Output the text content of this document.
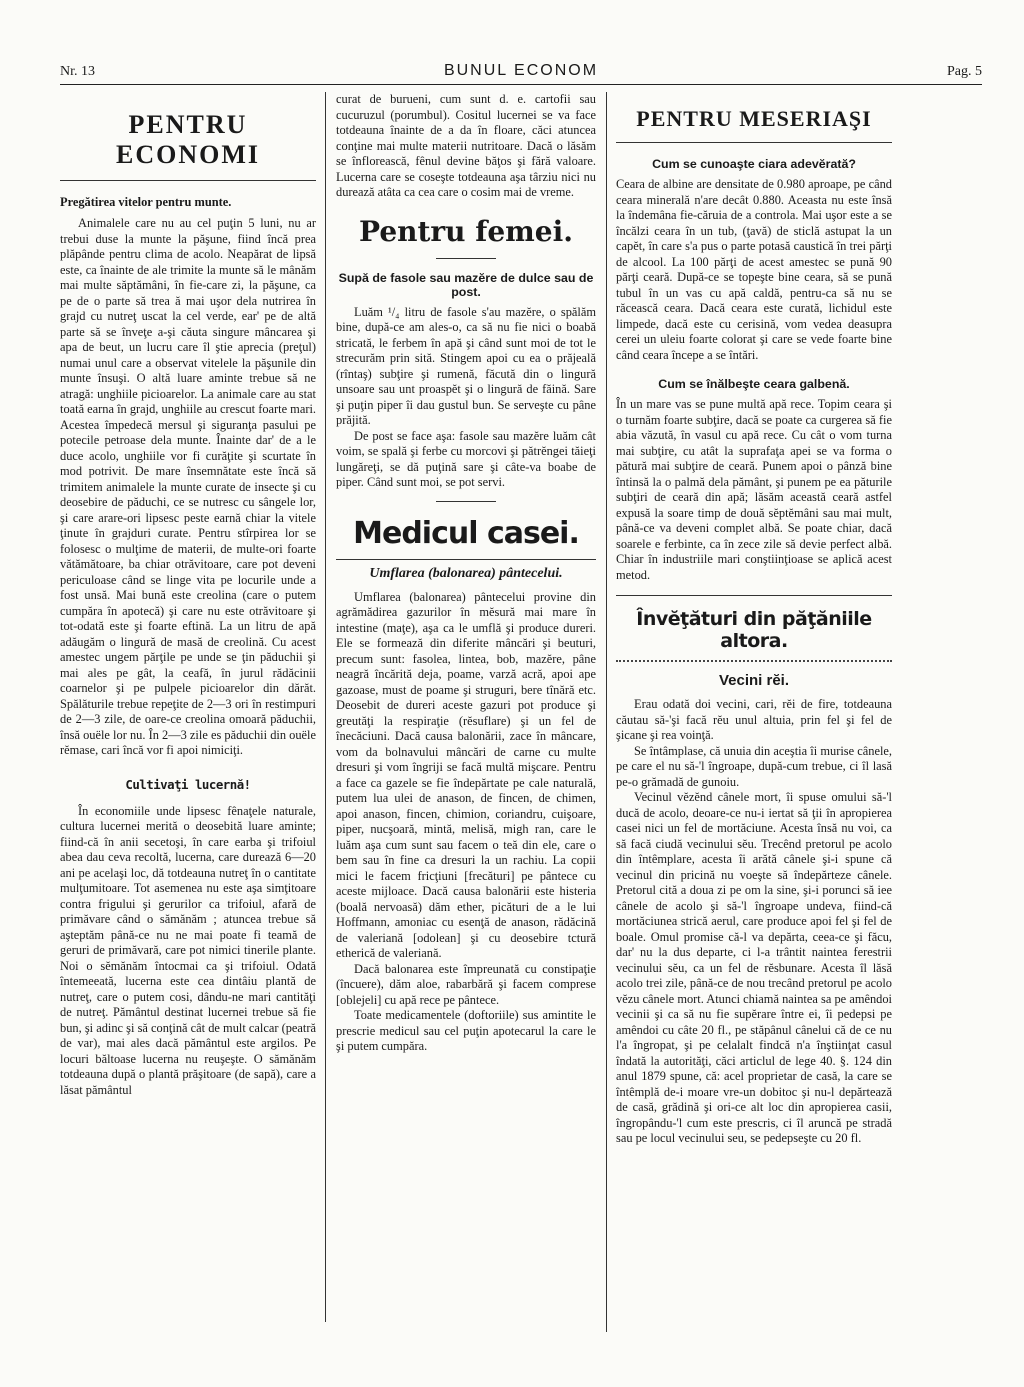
Nr. 13	BUNUL ECONOM	Pag. 5
PENTRU ECONOMI
Pregătirea vitelor pentru munte.

Animalele care nu au cel puţin 5 luni, nu ar trebui duse la munte la păşune, fiind încă prea plăpânde pentru clima de acolo. Neapărat de lipsă este, ca înainte de ale trimite la munte să le mânăm mai multe săptămâni, în fie-care zi, la păşune, ca pe de o parte să trea ă mai uşor dela nutrirea în grajd cu nutreţ uscat la cel verde, ear' pe de altă parte să se înveţe a-şi căuta singure mâncarea şi apa de beut, un lucru care îl ştie aprecia (preţul) numai unul care a observat vitelele la păşunile din munte însuşi. O altă luare aminte trebue să ne atragă: unghiile picioarelor. La animale care au stat toată earna în grajd, unghiile au crescut foarte mari. Acestea împedecă mersul şi siguranţa pasului pe potecile petroase dela munte. Înainte dar' de a le duce acolo, unghiile vor fi curăţite şi scurtate în mod potrivit. De mare însemnătate este încă să trimitem animalele la munte curate de insecte şi cu deosebire de păduchi, ce se nutresc cu sângele lor, şi care arare-ori lipsesc peste earnă chiar la vitele ţinute în grajduri curate. Pentru stîrpirea lor se folosesc o mulţime de materii, de multe-ori foarte vătămătoare, ba chiar otrăvitoare, care pot deveni periculoase când se linge vita pe locurile unde a fost unsă. Mai bună este creolina (care o putem cumpăra în apotecă) şi care nu este otrăvitoare şi tot-odată este şi foarte eftină. La un litru de apă adăugăm o lingură de masă de creolină. Cu acest amestec ungem părţile pe unde se ţin păduchii şi mai ales pe gât, la ceafă, în jurul rădăcinii coarnelor şi pe pulpele picioarelor din dărăt. Spălăturile trebue repeţite de 2—3 ori în restimpuri de 2—3 zile, de oare-ce creolina omoară păduchii, însă ouële lor nu. În 2—3 zile es păduchii din ouële rĕmase, cari încă vor fi apoi nimiciţi.

Cultivaţi lucernă!

În economiile unde lipsesc fênaţele naturale, cultura lucernei merită o deosebită luare aminte; fiind-că în anii secetoşi, în care earba şi trifoiul abea dau ceva recoltă, lucerna, care durează 6—20 ani pe acelaşi loc, dă totdeauna nutreţ în o cantitate mulţumitoare. Tot asemenea nu este aşa simţitoare contra frigului şi gerurilor ca trifoiul, afară de primăvare când o sămănăm ; atuncea trebue să aşteptăm până-ce nu ne mai poate fi teamă de geruri de primăvară, care pot nimici tinerile plante. Noi o sĕmănăm întocmai ca şi trifoiul. Odată întemeeată, lucerna este cea dintâiu plantă de nutreţ, care o putem cosi, dându-ne mari cantităţi de nutreţ. Pământul destinat lucernei trebue să fie bun, şi adinc şi să conţină cât de mult calcar (peatră de var), mai ales dacă pământul este argilos. Pe locuri băltoase lucerna nu reuşeşte. O sămănăm totdeauna după o plantă prăşitoare (de sapă), care a lăsat pământul

curat de burueni, cum sunt d. e. cartofii sau cucuruzul (porumbul). Cositul lucernei se va face totdeauna înainte de a da în floare, căci atuncea conţine mai multe materii nutritoare. Dacă o lăsăm se înflorească, fênul devine băţos şi fără valoare. Lucerna care se coseşte totdeauna aşa târziu nici nu durează atâta ca cea care o cosim mai de vreme.

Pentru femei.
Supă de fasole sau mazĕre de dulce sau de post.

Luăm ¹/₄ litru de fasole s'au mazĕre, o spălăm bine, după-ce am ales-o, ca să nu fie nici o boabă stricată, le ferbem în apă şi când sunt moi de tot le strecurăm prin sită. Stingem apoi cu ea o prăjeală (rîntaş) subţire şi rumenă, făcută din o lingură unsoare sau unt proaspĕt şi o lingură de făină. Sare şi puţin piper îi dau gustul bun. Se serveşte cu pâne prăjită.

De post se face aşa: fasole sau mazĕre luăm cât voim, se spală şi ferbe cu morcovi şi pătrĕngei tăieţi lungăreţi, se dă puţină sare şi câte-va boabe de piper. Când sunt moi, se pot servi.

Medicul casei.
Umflarea (balonarea) pântecelui.

Umflarea (balonarea) pântecelui provine din agrămădirea gazurilor în mĕsură mai mare în intestine (maţe), aşa ca le umflă şi produce dureri. Ele se formează din diferite mâncări şi beuturi, precum sunt: fasolea, lintea, bob, mazĕre, pâne neagră încărită deja, poame, varză acră, apoi ape gazoase, must de poame şi struguri, bere tînără etc. Deosebit de dureri aceste gazuri pot produce şi greutăţi la respiraţie (rĕsuflare) şi un fel de înecăciuni. Dacă causa balonării, zace în mâncare, vom da bolnavului mâncări de carne cu multe dresuri şi vom îngriji se facă multă mişcare. Pentru a face ca gazele se fie îndepărtate pe cale naturală, putem lua ulei de anason, de fincen, de chimen, apoi anason, fincen, chimion, coriandru, cuişoare, piper, nucşoară, mintă, melisă, migh ran, care le luăm aşa cum sunt sau facem o teă din ele, care o bem sau în fine ca dresuri la un rachiu. La copii mici le facem fricţiuni [frecături] pe pântece cu aceste mijloace. Dacă causa balonării este histeria (boală nervoasă) dăm ether, picături de a le lui Hoffmann, amoniac cu esenţă de anason, rădăcină de valeriană [odolean] şi cu deosebire tctură etherică de valeriană.

Dacă balonarea este împreunată cu constipaţie (încuere), dăm aloe, rabarbără şi facem comprese [oblejeli] cu apă rece pe pântece.

Toate medicamentele (doftoriile) sus amintite le prescrie medicul sau cel puţin apotecarul la care le şi putem cumpăra.

PENTRU MESERIAŞI
Cum se cunoaşte ciara adevĕrată?

Ceara de albine are densitate de 0.980 aproape, pe când ceara minerală n'are decât 0.880. Aceasta nu este însă la îndemâna fie-căruia de a controla. Mai uşor este a se încălzi ceara în un tub, (ţavă) de sticlă astupat la un capĕt, în care s'a pus o parte potasă caustică în trei părţi de alcool. La 100 părţi de acest amestec se pună 90 părţi ceară. După-ce se topeşte bine ceara, să se pună tubul în un vas cu apă caldă, pentru-ca să nu se răcească ceara. Dacă ceara este curată, lichidul este limpede, dacă este cu cerisină, vom vedea deasupra cerei un uleiu foarte colorat şi care se vede foarte bine când ceara începe a se întări.

Cum se înălbeşte ceara galbenă.

În un mare vas se pune multă apă rece. Topim ceara şi o turnăm foarte subţire, dacă se poate ca curgerea să fie abia văzută, în vasul cu apă rece. Cu cât o vom turna mai subţire, cu atât la suprafaţa apei se va forma o pătură mai subţire de ceară. Punem apoi o pânză bine întinsă la o palmă dela pământ, şi punem pe ea păturile subţiri de ceară din apă; lăsăm această ceară astfel expusă la soare timp de două sĕptĕmâni sau mai mult, până-ce va deveni complet albă. Se poate chiar, dacă soarele e ferbinte, ca în zece zile să devie perfect albă. Chiar în industriile mari conştiinţioase se aplică acest metod.

Învĕţături din păţăniile altora.
Vecini rĕi.

Erau odată doi vecini, cari, rĕi de fire, totdeauna căutau să-'şi facă rĕu unul altuia, prin fel şi fel de şicane şi rea voinţă.

Se întâmplase, că unuia din aceştia îi murise cânele, pe care el nu să-'l îngroape, după-cum trebue, ci îl lasă pe-o grămadă de gunoiu.

Vecinul vĕzĕnd cânele mort, îi spuse omului să-'l ducă de acolo, deoare-ce nu-i iertat să ţii în apropierea casei nici un fel de mortăciune. Acesta însă nu voi, ca să facă ciudă vecinului sĕu. Trecênd pretorul pe acolo din întêmplare, acesta îi arătă cânele şi-i spune că vecinul din pricină nu voeşte să îndepărteze cânele. Pretorul cită a doua zi pe om la sine, şi-i porunci să iee cânele de acolo şi să-'l îngroape undeva, fiind-că mortăciunea strică aerul, care produce apoi fel şi fel de boale. Omul promise că-l va depărta, ceea-ce şi făcu, dar' nu la dus departe, ci l-a trântit naintea ferestrii vecinului sĕu, ca un fel de rĕsbunare. Acesta îl lăsă acolo trei zile, până-ce de nou trecând pretorul pe acolo vĕzu cânele mort. Atunci chiamă naintea sa pe amêndoi vecinii şi ca să nu fie supĕrare între ei, îi pedepsi pe amêndoi cu câte 20 fl., pe stăpânul cânelui că de ce nu l'a îngropat, şi pe celalalt findcă n'a înştiinţat casul îndată la autorităţi, căci articlul de lege 40. §. 124 din anul 1879 spune, că: acel proprietar de casă, la care se întêmplă de-i moare vre-un dobitoc şi nu-l depărtează de casă, grădină şi ori-ce alt loc din apropierea casii, îngropându-'l cum este prescris, ci îl aruncă pe stradă sau pe locul vecinului seu, se pedepseşte cu 20 fl.
